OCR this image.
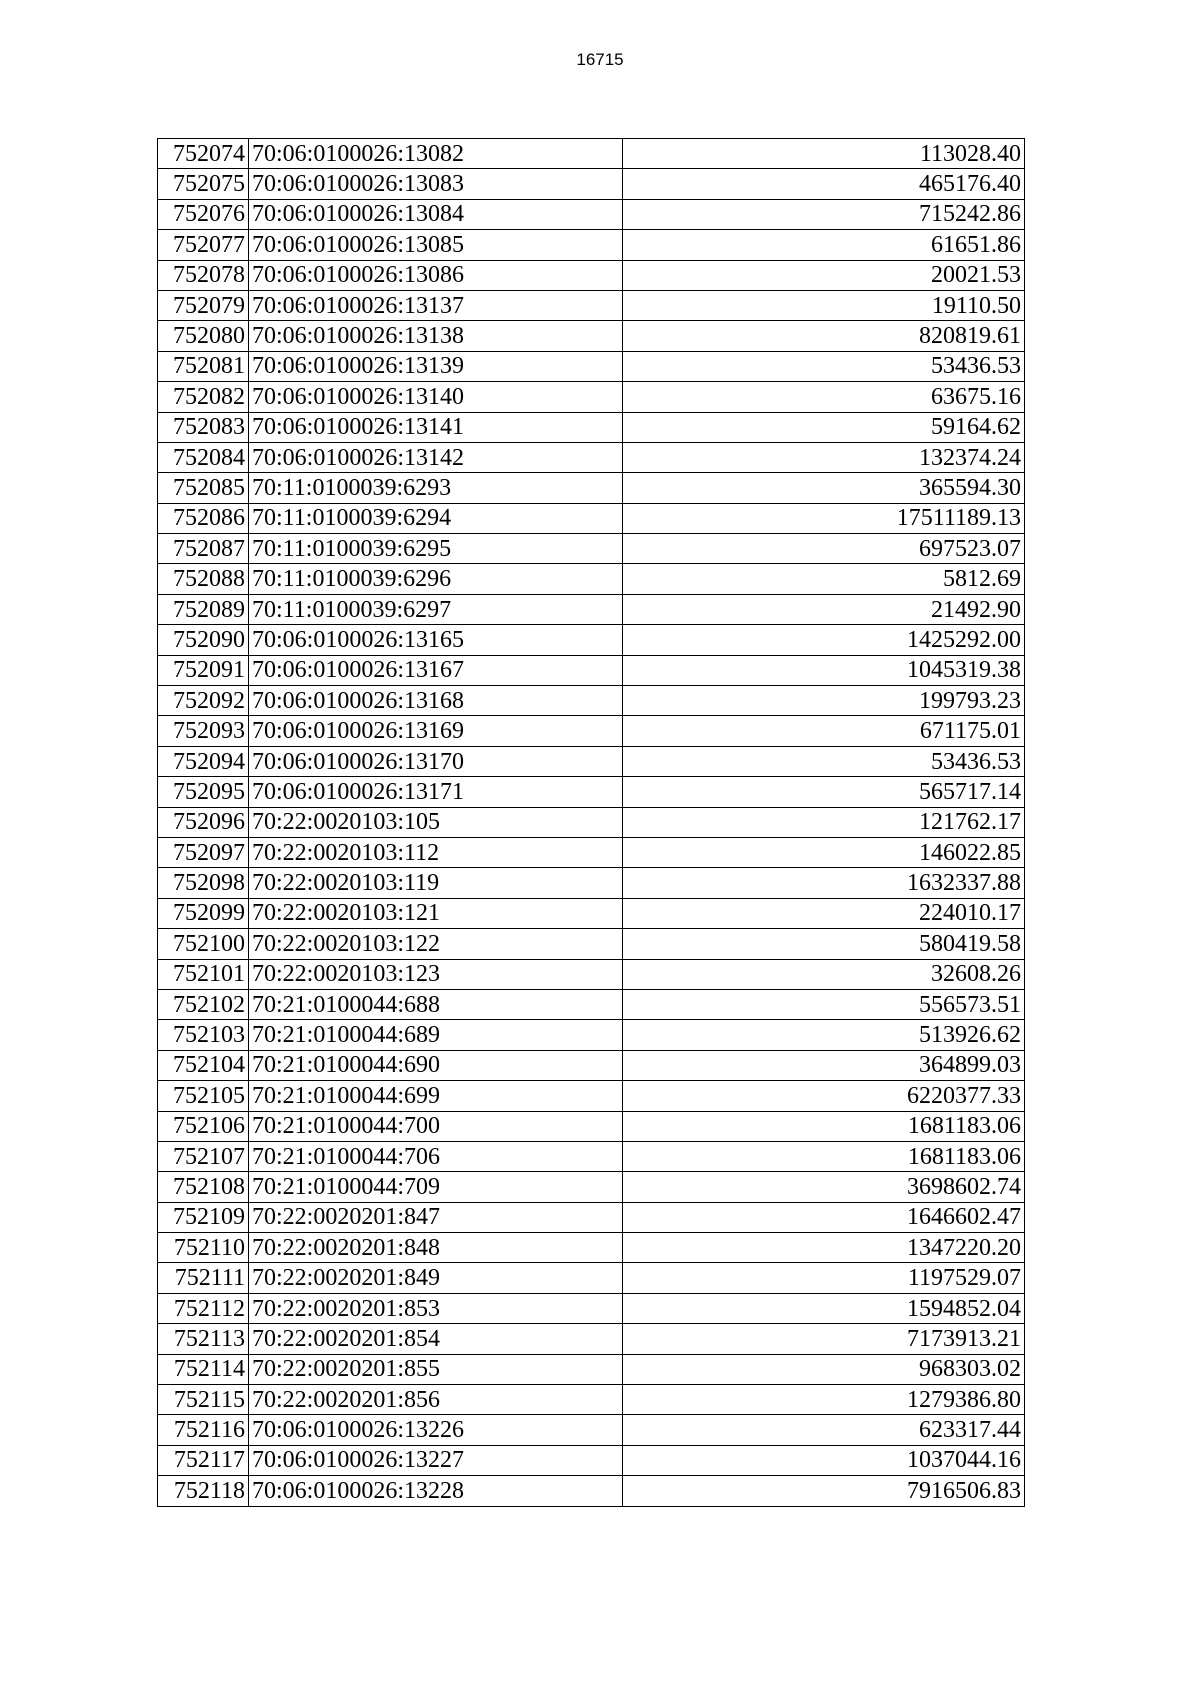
16715
752074	70:06:0100026:13082	113028.40
752075	70:06:0100026:13083	465176.40
752076	70:06:0100026:13084	715242.86
752077	70:06:0100026:13085	61651.86
752078	70:06:0100026:13086	20021.53
752079	70:06:0100026:13137	19110.50
752080	70:06:0100026:13138	820819.61
752081	70:06:0100026:13139	53436.53
752082	70:06:0100026:13140	63675.16
752083	70:06:0100026:13141	59164.62
752084	70:06:0100026:13142	132374.24
752085	70:11:0100039:6293	365594.30
752086	70:11:0100039:6294	17511189.13
752087	70:11:0100039:6295	697523.07
752088	70:11:0100039:6296	5812.69
752089	70:11:0100039:6297	21492.90
752090	70:06:0100026:13165	1425292.00
752091	70:06:0100026:13167	1045319.38
752092	70:06:0100026:13168	199793.23
752093	70:06:0100026:13169	671175.01
752094	70:06:0100026:13170	53436.53
752095	70:06:0100026:13171	565717.14
752096	70:22:0020103:105	121762.17
752097	70:22:0020103:112	146022.85
752098	70:22:0020103:119	1632337.88
752099	70:22:0020103:121	224010.17
752100	70:22:0020103:122	580419.58
752101	70:22:0020103:123	32608.26
752102	70:21:0100044:688	556573.51
752103	70:21:0100044:689	513926.62
752104	70:21:0100044:690	364899.03
752105	70:21:0100044:699	6220377.33
752106	70:21:0100044:700	1681183.06
752107	70:21:0100044:706	1681183.06
752108	70:21:0100044:709	3698602.74
752109	70:22:0020201:847	1646602.47
752110	70:22:0020201:848	1347220.20
752111	70:22:0020201:849	1197529.07
752112	70:22:0020201:853	1594852.04
752113	70:22:0020201:854	7173913.21
752114	70:22:0020201:855	968303.02
752115	70:22:0020201:856	1279386.80
752116	70:06:0100026:13226	623317.44
752117	70:06:0100026:13227	1037044.16
752118	70:06:0100026:13228	7916506.83
